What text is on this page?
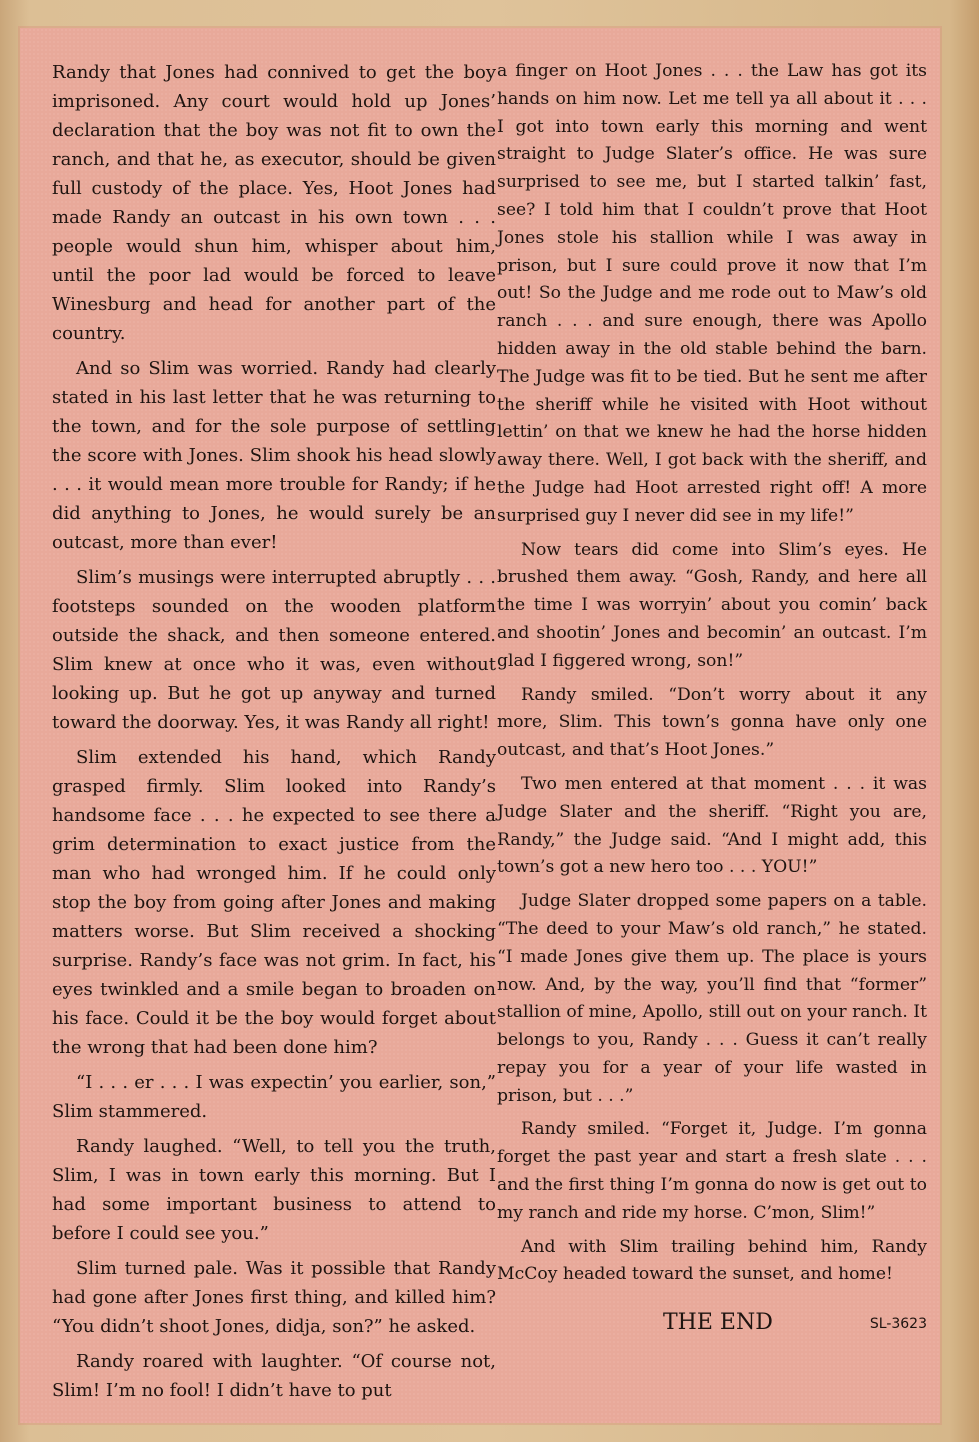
Randy that Jones had connived to get the boy imprisoned. Any court would hold up Jones’ declaration that the boy was not fit to own the ranch, and that he, as executor, should be given full custody of the place. Yes, Hoot Jones had made Randy an outcast in his own town . . . people would shun him, whisper about him, until the poor lad would be forced to leave Winesburg and head for another part of the country.

And so Slim was worried. Randy had clearly stated in his last letter that he was returning to the town, and for the sole purpose of settling the score with Jones. Slim shook his head slowly . . . it would mean more trouble for Randy; if he did anything to Jones, he would surely be an outcast, more than ever!

Slim’s musings were interrupted abruptly . . . footsteps sounded on the wooden platform outside the shack, and then someone entered. Slim knew at once who it was, even without looking up. But he got up anyway and turned toward the doorway. Yes, it was Randy all right!

Slim extended his hand, which Randy grasped firmly. Slim looked into Randy’s handsome face . . . he expected to see there a grim determination to exact justice from the man who had wronged him. If he could only stop the boy from going after Jones and making matters worse. But Slim received a shocking surprise. Randy’s face was not grim. In fact, his eyes twinkled and a smile began to broaden on his face. Could it be the boy would forget about the wrong that had been done him?

“I . . . er . . . I was expectin’ you earlier, son,” Slim stammered.

Randy laughed. “Well, to tell you the truth, Slim, I was in town early this morning. But I had some important business to attend to before I could see you.”

Slim turned pale. Was it possible that Randy had gone after Jones first thing, and killed him? “You didn’t shoot Jones, didja, son?” he asked.

Randy roared with laughter. “Of course not, Slim! I’m no fool! I didn’t have to put

a finger on Hoot Jones . . . the Law has got its hands on him now. Let me tell ya all about it . . . I got into town early this morning and went straight to Judge Slater’s office. He was sure surprised to see me, but I started talkin’ fast, see? I told him that I couldn’t prove that Hoot Jones stole his stallion while I was away in prison, but I sure could prove it now that I’m out! So the Judge and me rode out to Maw’s old ranch . . . and sure enough, there was Apollo hidden away in the old stable behind the barn. The Judge was fit to be tied. But he sent me after the sheriff while he visited with Hoot without lettin’ on that we knew he had the horse hidden away there. Well, I got back with the sheriff, and the Judge had Hoot arrested right off! A more surprised guy I never did see in my life!”

Now tears did come into Slim’s eyes. He brushed them away. “Gosh, Randy, and here all the time I was worryin’ about you comin’ back and shootin’ Jones and becomin’ an outcast. I’m glad I figgered wrong, son!”

Randy smiled. “Don’t worry about it any more, Slim. This town’s gonna have only one outcast, and that’s Hoot Jones.”

Two men entered at that moment . . . it was Judge Slater and the sheriff. “Right you are, Randy,” the Judge said. “And I might add, this town’s got a new hero too . . . YOU!”

Judge Slater dropped some papers on a table. “The deed to your Maw’s old ranch,” he stated. “I made Jones give them up. The place is yours now. And, by the way, you’ll find that “former” stallion of mine, Apollo, still out on your ranch. It belongs to you, Randy . . . Guess it can’t really repay you for a year of your life wasted in prison, but . . .”

Randy smiled. “Forget it, Judge. I’m gonna forget the past year and start a fresh slate . . . and the first thing I’m gonna do now is get out to my ranch and ride my horse. C’mon, Slim!”

And with Slim trailing behind him, Randy McCoy headed toward the sunset, and home!

THE END	SL-3623
